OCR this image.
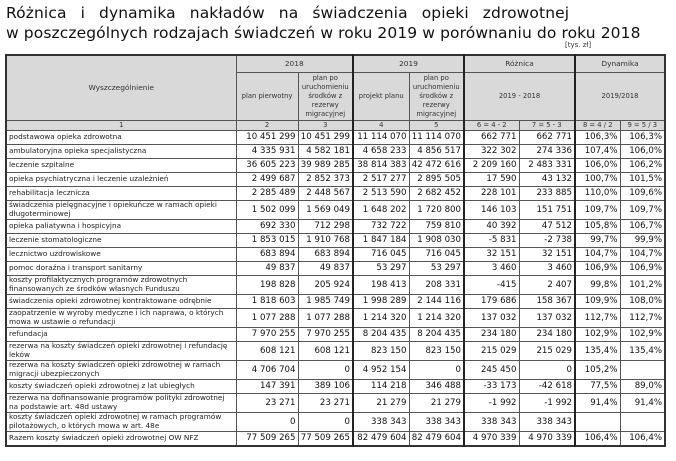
Różnica i dynamika nakładów na świadczenia opieki zdrowotnej
w poszczególnych rodzajach świadczeń w roku 2019 w porównaniu do roku 2018
[tys. zł]
Wyszczególnienie	2018		2019		Różnica		Dynamika	
	plan pierwotny	plan po uruchomieniu środków z rezerwy migracyjnej	projekt planu	plan po uruchomieniu środków z rezerwy migracyjnej	2019 - 2018		2019/2018	
1	2	3	4	5	6 = 4 - 2	7 = 5 - 3	8 = 4 / 2	9 = 5 / 3
podstawowa opieka zdrowotna	10 451 299	10 451 299	11 114 070	11 114 070	662 771	662 771	106,3%	106,3%
ambulatoryjna opieka specjalistyczna	4 335 931	4 582 181	4 658 233	4 856 517	322 302	274 336	107,4%	106,0%
leczenie szpitalne	36 605 223	39 989 285	38 814 383	42 472 616	2 209 160	2 483 331	106,0%	106,2%
opieka psychiatryczna i leczenie uzależnień	2 499 687	2 852 373	2 517 277	2 895 505	17 590	43 132	100,7%	101,5%
rehabilitacja lecznicza	2 285 489	2 448 567	2 513 590	2 682 452	228 101	233 885	110,0%	109,6%
świadczenia pielęgnacyjne i opiekuńcze w ramach opieki długoterminowej	1 502 099	1 569 049	1 648 202	1 720 800	146 103	151 751	109,7%	109,7%
opieka paliatywna i hospicyjna	692 330	712 298	732 722	759 810	40 392	47 512	105,8%	106,7%
leczenie stomatologiczne	1 853 015	1 910 768	1 847 184	1 908 030	-5 831	-2 738	99,7%	99,9%
lecznictwo uzdrowiskowe	683 894	683 894	716 045	716 045	32 151	32 151	104,7%	104,7%
pomoc doraźna i transport sanitarny	49 837	49 837	53 297	53 297	3 460	3 460	106,9%	106,9%
koszty profilaktycznych programów zdrowotnych finansowanych ze środków własnych Funduszu	198 828	205 924	198 413	208 331	-415	2 407	99,8%	101,2%
świadczenia opieki zdrowotnej kontraktowane odrębnie	1 818 603	1 985 749	1 998 289	2 144 116	179 686	158 367	109,9%	108,0%
zaopatrzenie w wyroby medyczne i ich naprawa, o których mowa w ustawie o refundacji	1 077 288	1 077 288	1 214 320	1 214 320	137 032	137 032	112,7%	112,7%
refundacja	7 970 255	7 970 255	8 204 435	8 204 435	234 180	234 180	102,9%	102,9%
rezerwa na koszty świadczeń opieki zdrowotnej i refundację leków	608 121	608 121	823 150	823 150	215 029	215 029	135,4%	135,4%
rezerwa na koszty świadczeń opieki zdrowotnej w ramach migracji ubezpieczonych	4 706 704	0	4 952 154	0	245 450	0	105,2%	
koszty świadczeń opieki zdrowotnej z lat ubiegłych	147 391	389 106	114 218	346 488	-33 173	-42 618	77,5%	89,0%
rezerwa na dofinansowanie programów polityki zdrowotnej na podstawie art. 48d ustawy	23 271	23 271	21 279	21 279	-1 992	-1 992	91,4%	91,4%
koszty świadczeń opieki zdrowotnej w ramach programów pilotażowych, o których mowa w art. 48e	0	0	338 343	338 343	338 343	338 343		
Razem koszty świadczeń opieki zdrowotnej OW NFZ	77 509 265	77 509 265	82 479 604	82 479 604	4 970 339	4 970 339	106,4%	106,4%
